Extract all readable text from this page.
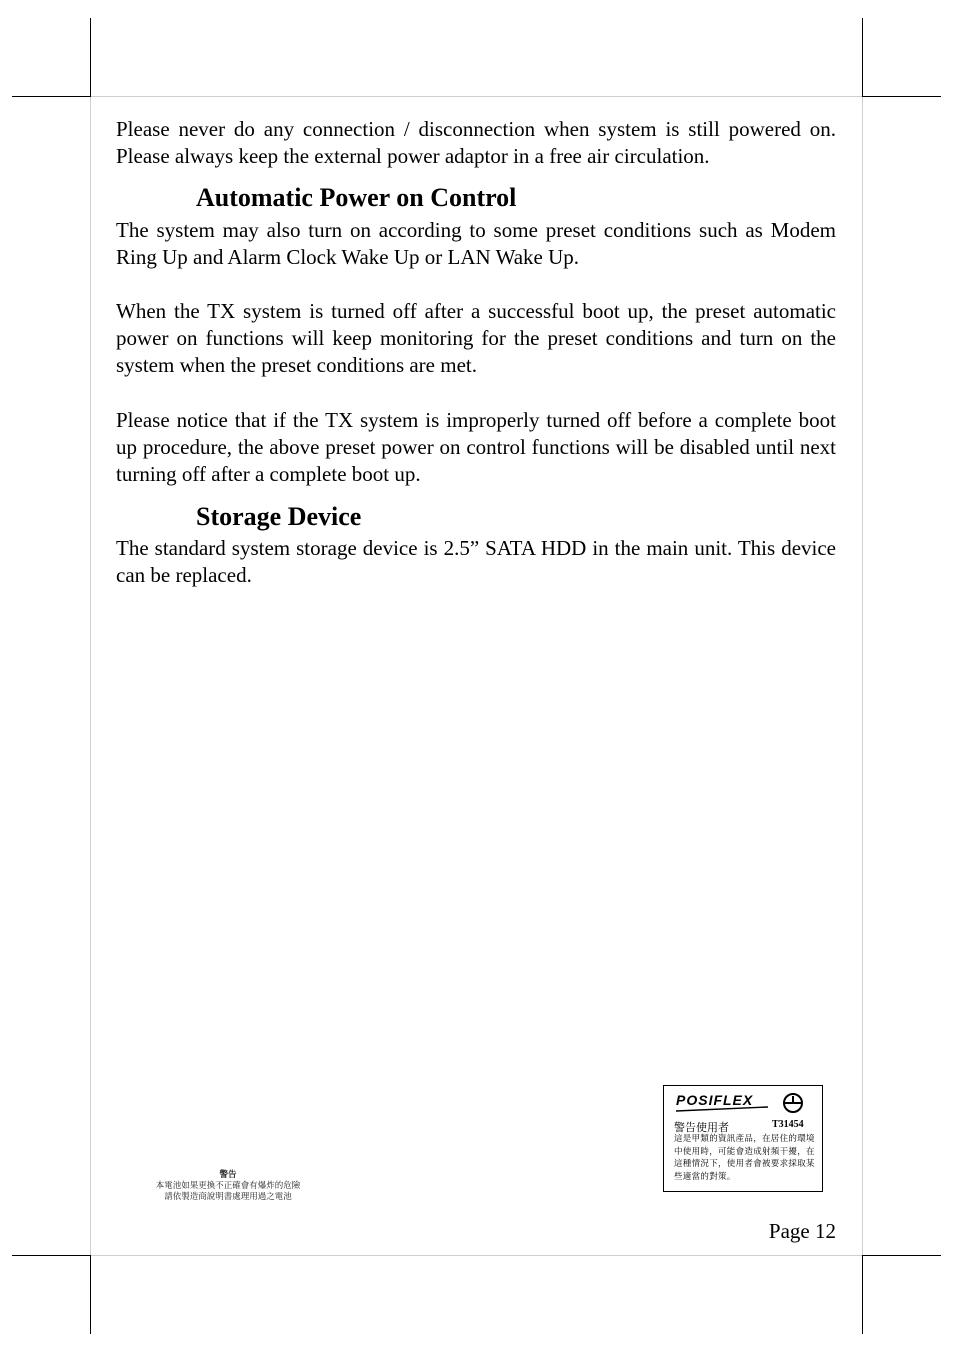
Please never do any connection / disconnection when system is still powered on. Please always keep the external power adaptor in a free air circulation.

Automatic Power on Control

The system may also turn on according to some preset conditions such as Modem Ring Up and Alarm Clock Wake Up or LAN Wake Up.

When the TX system is turned off after a successful boot up, the preset automatic power on functions will keep monitoring for the preset conditions and turn on the system when the preset conditions are met.

Please notice that if the TX system is improperly turned off before a complete boot up procedure, the above preset power on control functions will be disabled until next turning off after a complete boot up.

Storage Device

The standard system storage device is 2.5” SATA HDD in the main unit. This device can be replaced.

警告
本電池如果更換不正確會有爆炸的危險
請依製造商說明書處理用過之電池
POSIFLEX
警告使用者	T31454
這是甲類的資訊產品，在居住的環境中使用時，可能會造成射頻干擾，在這種情況下，使用者會被要求採取某些適當的對策。

Page 12
